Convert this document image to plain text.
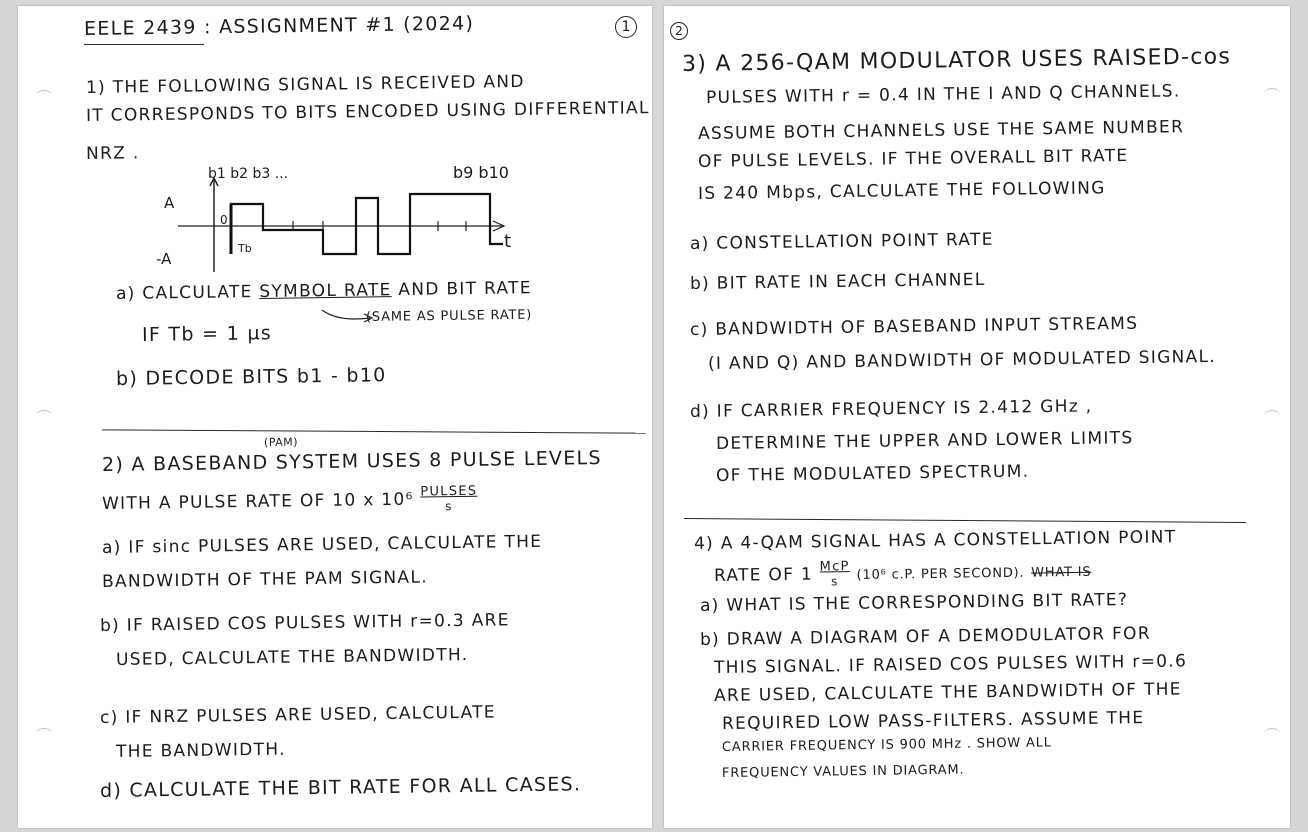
EELE 2439 : ASSIGNMENT #1 (2024)	1
1) THE FOLLOWING SIGNAL IS RECEIVED AND
IT CORRESPONDS TO BITS ENCODED USING DIFFERENTIAL
NRZ .
b1 b2 b3 ...	b9 b10
A
-A
0
Tb	t
a) CALCULATE SYMBOL RATE AND BIT RATE
(SAME AS PULSE RATE)
IF Tb = 1 μs
b) DECODE BITS b1 - b10
(PAM)
2) A BASEBAND SYSTEM USES 8 PULSE LEVELS
WITH A PULSE RATE OF 10 x 10⁶ PULSES
s
a) IF sinc PULSES ARE USED, CALCULATE THE
BANDWIDTH OF THE PAM SIGNAL.
b) IF RAISED COS PULSES WITH r=0.3 ARE
USED, CALCULATE THE BANDWIDTH.
c) IF NRZ PULSES ARE USED, CALCULATE
THE BANDWIDTH.
d) CALCULATE THE BIT RATE FOR ALL CASES.
2
3) A 256-QAM MODULATOR USES RAISED-cos
PULSES WITH r = 0.4 IN THE I AND Q CHANNELS.
ASSUME BOTH CHANNELS USE THE SAME NUMBER
OF PULSE LEVELS. IF THE OVERALL BIT RATE
IS 240 Mbps, CALCULATE THE FOLLOWING
a) CONSTELLATION POINT RATE
b) BIT RATE IN EACH CHANNEL
c) BANDWIDTH OF BASEBAND INPUT STREAMS
(I AND Q) AND BANDWIDTH OF MODULATED SIGNAL.
d) IF CARRIER FREQUENCY IS 2.412 GHz ,
DETERMINE THE UPPER AND LOWER LIMITS
OF THE MODULATED SPECTRUM.
4) A 4-QAM SIGNAL HAS A CONSTELLATION POINT
RATE OF 1 McP
s	(10⁶ c.P. PER SECOND). WHAT IS
a) WHAT IS THE CORRESPONDING BIT RATE?
b) DRAW A DIAGRAM OF A DEMODULATOR FOR
THIS SIGNAL. IF RAISED COS PULSES WITH r=0.6
ARE USED, CALCULATE THE BANDWIDTH OF THE
REQUIRED LOW PASS-FILTERS. ASSUME THE
CARRIER FREQUENCY IS 900 MHz . SHOW ALL
FREQUENCY VALUES IN DIAGRAM.
